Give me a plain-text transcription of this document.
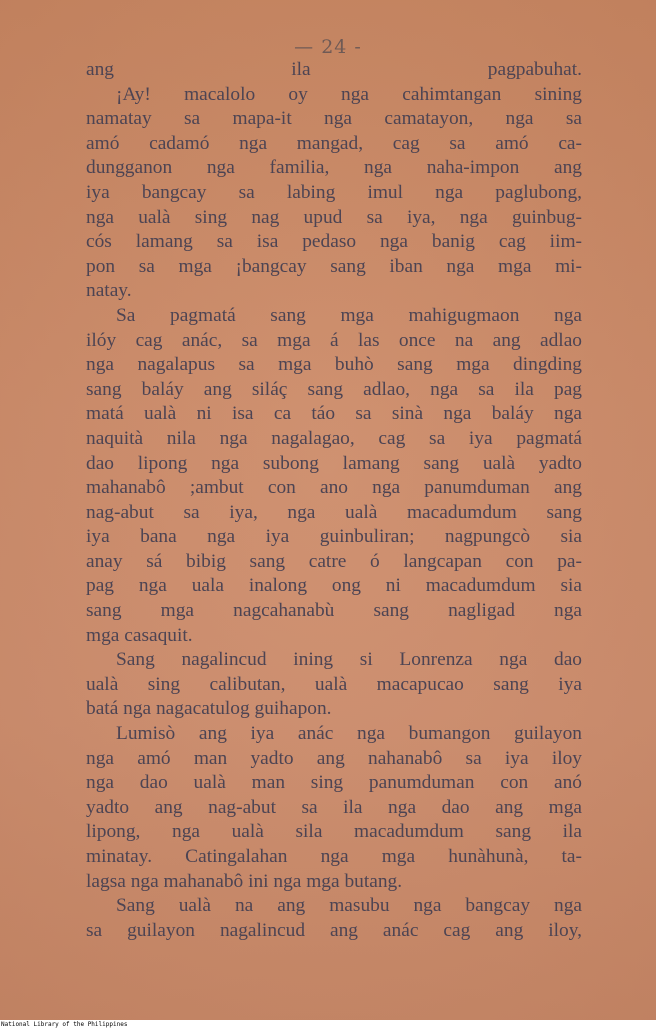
— 24 -
ang ila pagpabuhat.
¡Ay! macalolo oy nga cahimtangan sining
namatay sa mapa-it nga camatayon, nga sa
amó cadamó nga mangad, cag sa amó ca-
dungganon nga familia, nga naha-impon ang
iya bangcay sa labing imul nga paglubong,
nga ualà sing nag upud sa iya, nga guinbug-
cós lamang sa isa pedaso nga banig cag iim-
pon sa mga ¡bangcay sang iban nga mga mi-
natay.
Sa pagmatá sang mga mahigugmaon nga
ilóy cag anác, sa mga á las once na ang adlao
nga nagalapus sa mga buhò sang mga dingding
sang baláy ang siláç sang adlao, nga sa ila pag
matá ualà ni isa ca táo sa sinà nga baláy nga
naquità nila nga nagalagao, cag sa iya pagmatá
dao lipong nga subong lamang sang ualà yadto
mahanabô ;ambut con ano nga panumduman ang
nag-abut sa iya, nga ualà macadumdum sang
iya bana nga iya guinbuliran; nagpungcò sia
anay sá bibig sang catre ó langcapan con pa-
pag nga uala inalong ong ni macadumdum sia
sang mga nagcahanabù sang nagligad nga
mga casaquit.
Sang nagalincud ining si Lonrenza nga dao
ualà sing calibutan, ualà macapucao sang iya
batá nga nagacatulog guihapon.
Lumisò ang iya anác nga bumangon guilayon
nga amó man yadto ang nahanabô sa iya iloy
nga dao ualà man sing panumduman con anó
yadto ang nag-abut sa ila nga dao ang mga
lipong, nga ualà sila macadumdum sang ila
minatay. Catingalahan nga mga hunàhunà, ta-
lagsa nga mahanabô ini nga mga butang.
Sang ualà na ang masubu nga bangcay nga
sa guilayon nagalincud ang anác cag ang iloy,
National Library of the Philippines
